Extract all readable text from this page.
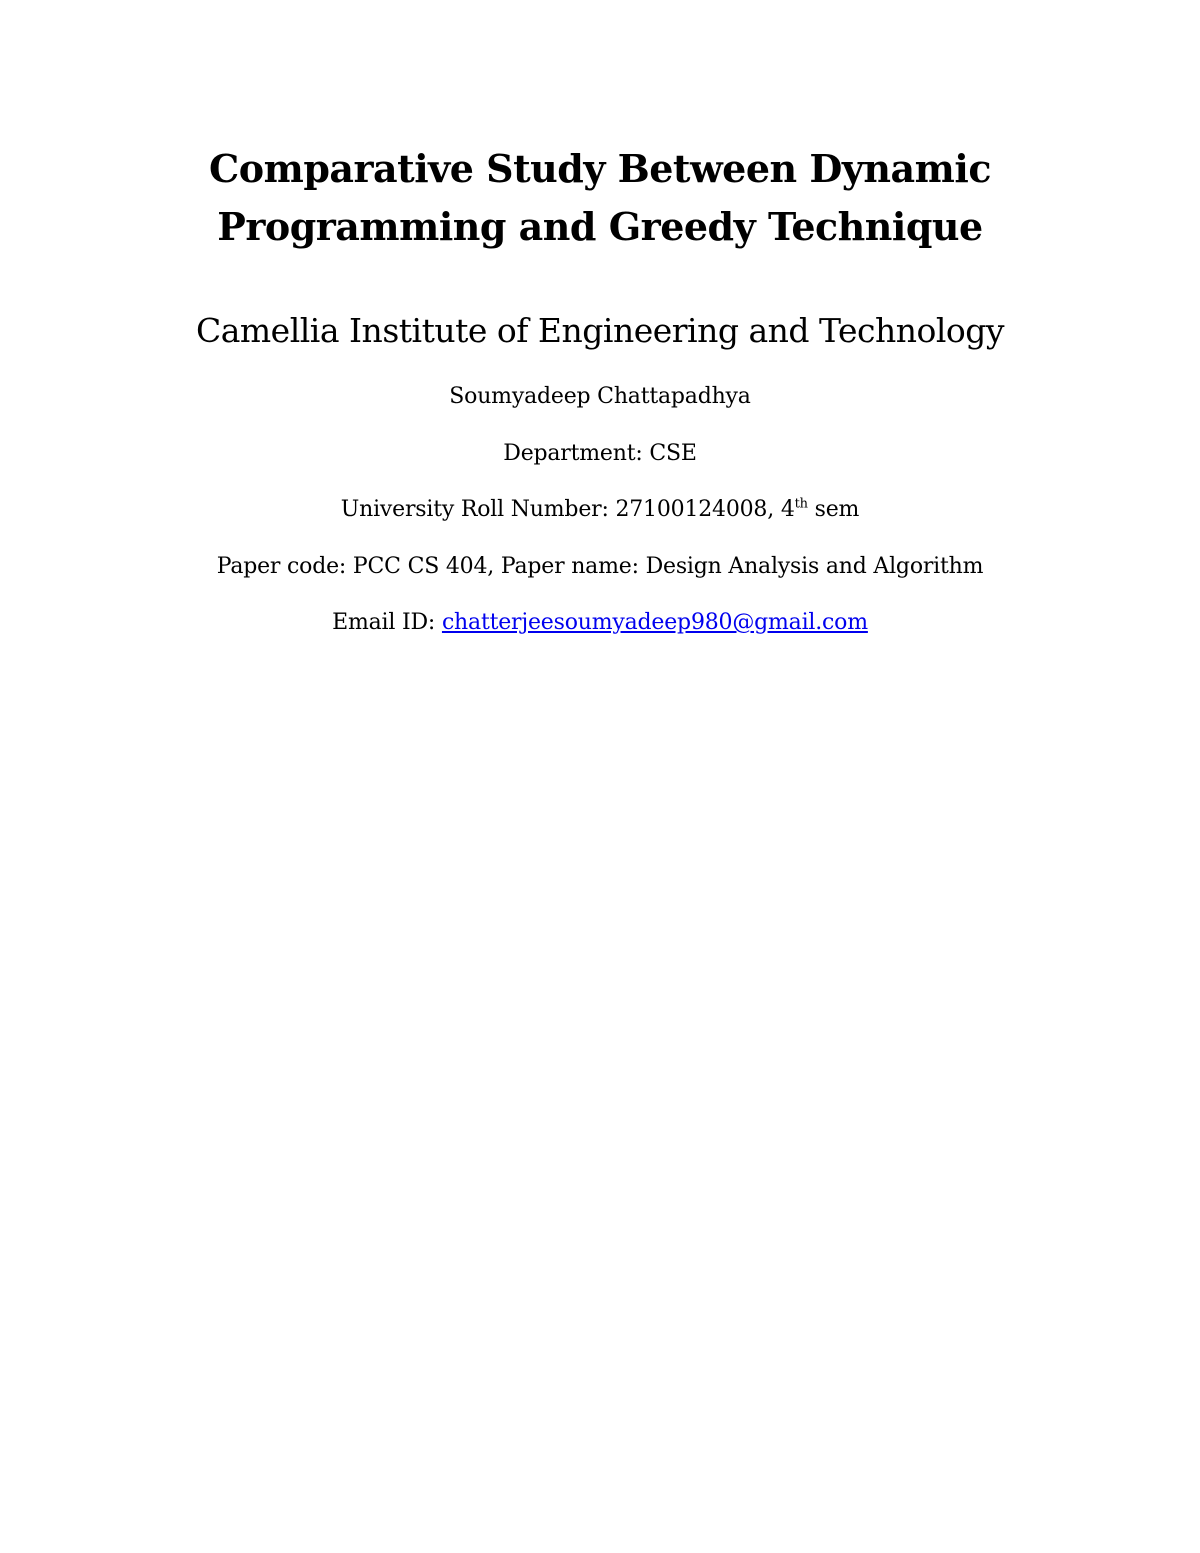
Comparative Study Between Dynamic
Programming and Greedy Technique

Camellia Institute of Engineering and Technology

Soumyadeep Chattapadhya

Department: CSE

University Roll Number: 27100124008, 4th sem

Paper code: PCC CS 404, Paper name: Design Analysis and Algorithm

Email ID: chatterjeesoumyadeep980@gmail.com
